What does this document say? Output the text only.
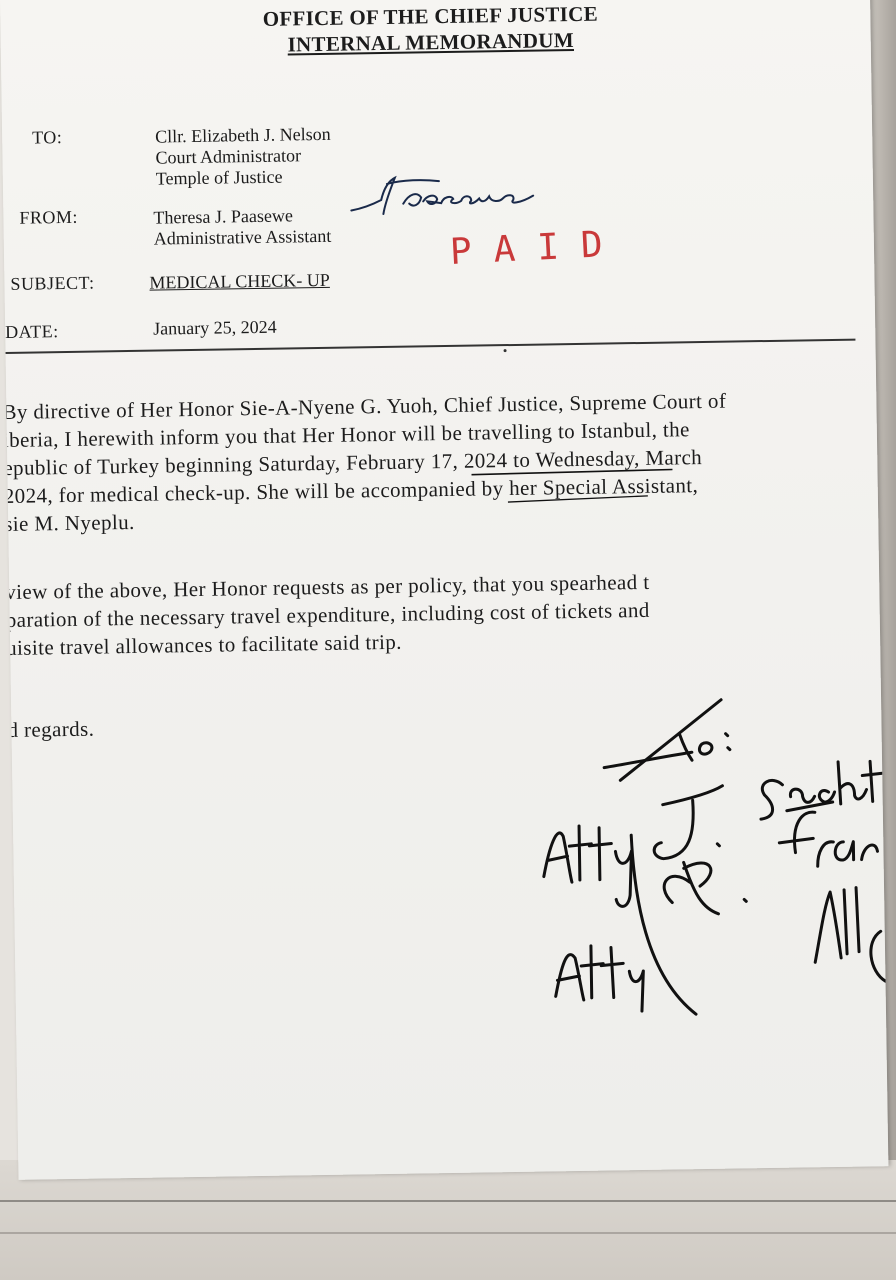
OFFICE OF THE CHIEF JUSTICE
INTERNAL MEMORANDUM
TO:	Cllr. Elizabeth J. Nelson
Court Administrator
Temple of Justice
FROM:	Theresa J. Paasewe
Administrative Assistant	PAID
SUBJECT:	MEDICAL CHECK- UP
DATE:	January 25, 2024
By directive of Her Honor Sie-A-Nyene G. Yuoh, Chief Justice, Supreme Court of
iberia, I herewith inform you that Her Honor will be travelling to Istanbul, the
epublic of Turkey beginning Saturday, February 17, 2024 to Wednesday, March
2024, for medical check-up. She will be accompanied by her Special Assistant,
sie M. Nyeplu.
view of the above, Her Honor requests as per policy, that you spearhead t
paration of the necessary travel expenditure, including cost of tickets and
uisite travel allowances to facilitate said trip.
d regards.
